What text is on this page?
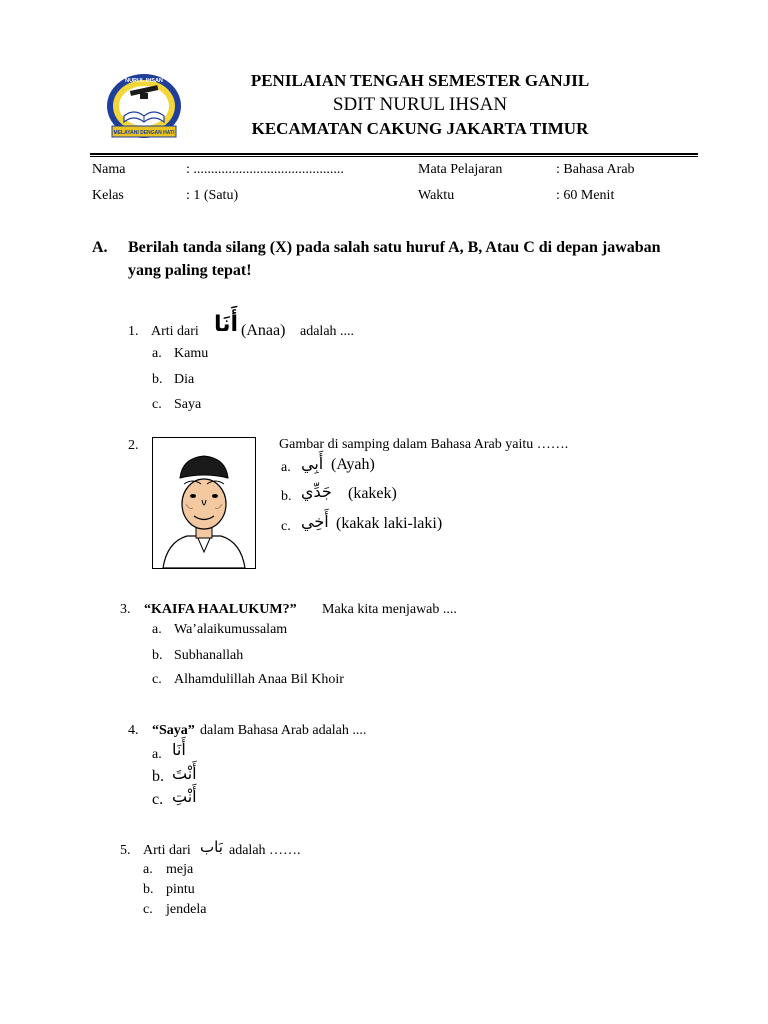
NURUL IHSAN
MELAYANI DENGAN HATI
PENILAIAN TENGAH SEMESTER GANJIL
SDIT NURUL IHSAN
KECAMATAN CAKUNG JAKARTA TIMUR
Nama	: ...........................................	Mata Pelajaran	: Bahasa Arab
Kelas	: 1 (Satu)	Waktu	: 60 Menit
A. Berilah tanda silang (X) pada salah satu huruf A, B, Atau C di depan jawaban yang paling tepat!
1. Arti dari أَنَا (Anaa) adalah ....
a. Kamu
b. Dia
c. Saya
2.	Gambar di samping dalam Bahasa Arab yaitu …….
a. أَبِي (Ayah)
b. جَدِّي (kakek)
c. أَخِي (kakak laki-laki)
3. “KAIFA HAALUKUM?” Maka kita menjawab ....
a. Wa’alaikumussalam
b. Subhanallah
c. Alhamdulillah Anaa Bil Khoir
4. “Saya” dalam Bahasa Arab adalah ....
a. أَنَا
b. أَنْتَ
c. أَنْتِ
5. Arti dari بَاب adalah …….
a. meja
b. pintu
c. jendela
